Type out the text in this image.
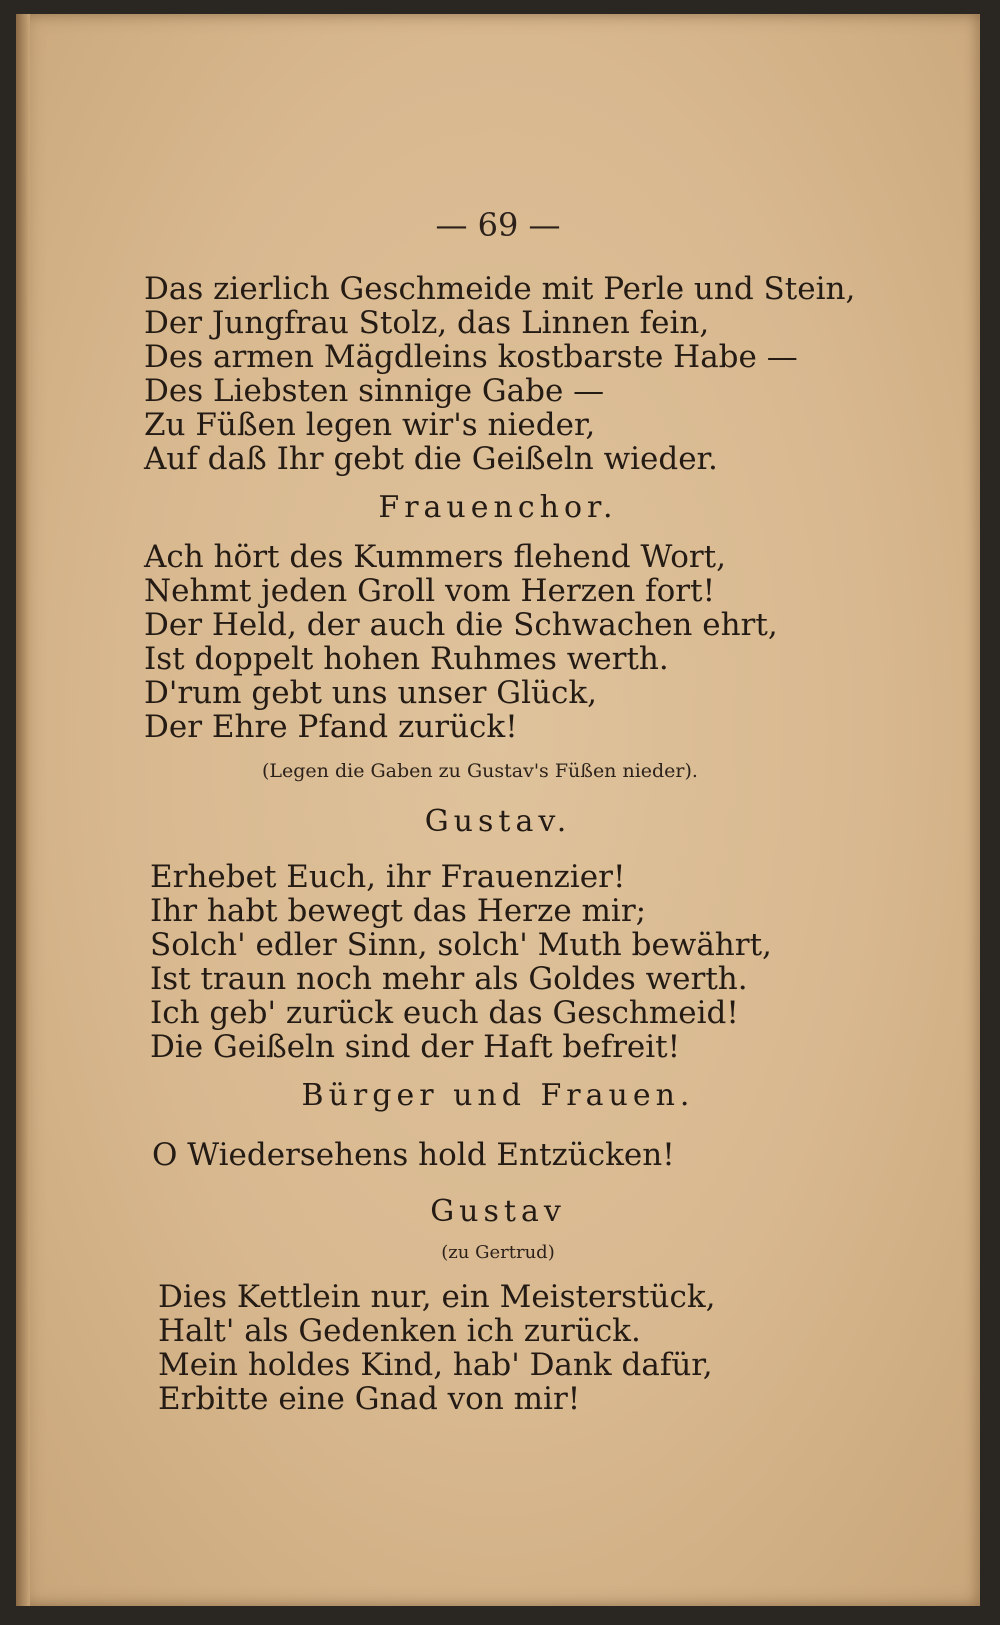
— 69 —
Das zierlich Geschmeide mit Perle und Stein,
Der Jungfrau Stolz, das Linnen fein,
Des armen Mägdleins kostbarste Habe —
Des Liebsten sinnige Gabe —
Zu Füßen legen wir's nieder,
Auf daß Ihr gebt die Geißeln wieder.
Frauenchor.
Ach hört des Kummers flehend Wort,
Nehmt jeden Groll vom Herzen fort!
Der Held, der auch die Schwachen ehrt,
Ist doppelt hohen Ruhmes werth.
D'rum gebt uns unser Glück,
Der Ehre Pfand zurück!
(Legen die Gaben zu Gustav's Füßen nieder).
Gustav.
Erhebet Euch, ihr Frauenzier!
Ihr habt bewegt das Herze mir;
Solch' edler Sinn, solch' Muth bewährt,
Ist traun noch mehr als Goldes werth.
Ich geb' zurück euch das Geschmeid!
Die Geißeln sind der Haft befreit!
Bürger und Frauen.
O Wiedersehens hold Entzücken!
Gustav
(zu Gertrud)
Dies Kettlein nur, ein Meisterstück,
Halt' als Gedenken ich zurück.
Mein holdes Kind, hab' Dank dafür,
Erbitte eine Gnad von mir!
